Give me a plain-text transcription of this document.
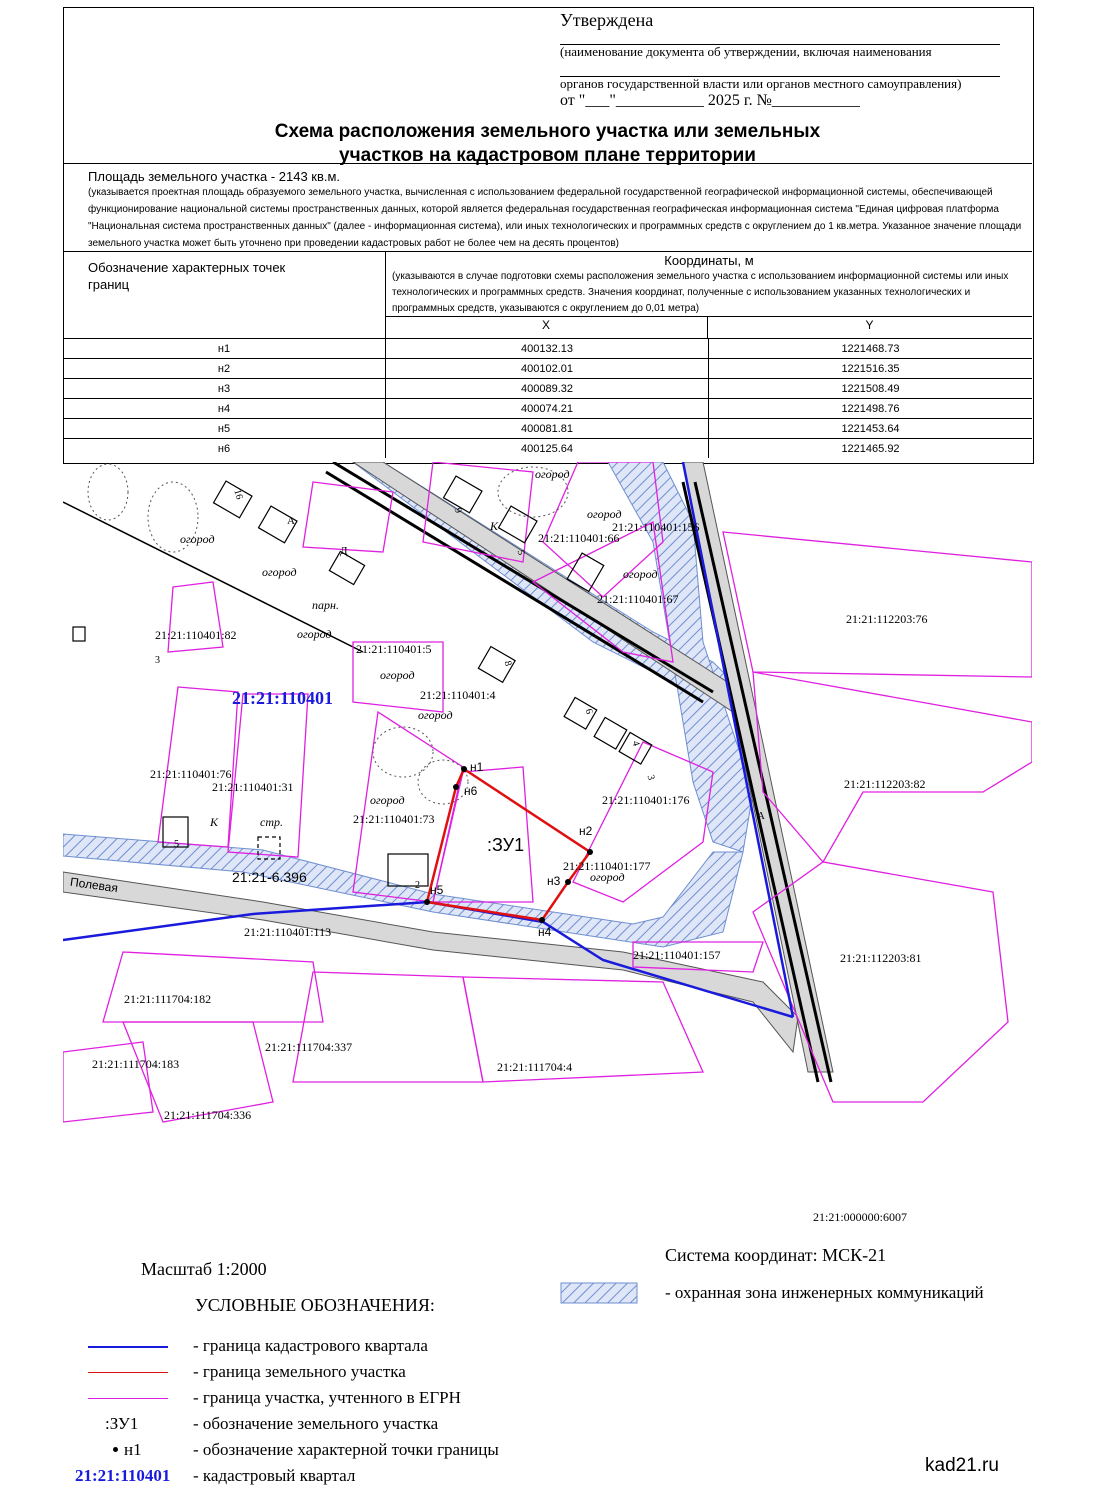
Утверждена
(наименование документа об утверждении, включая наименования
органов государственной власти или органов местного самоуправления)
от "___"___________ 2025 г. №___________
Схема расположения земельного участка или земельных
участков на кадастровом плане территории
Площадь земельного участка - 2143 кв.м.
(указывается проектная площадь образуемого земельного участка, вычисленная с использованием федеральной государственной географической информационной системы, обеспечивающей функционирование национальной системы пространственных данных, которой является федеральная государственная географическая информационная система "Единая цифровая платформа "Национальная система пространственных данных" (далее - информационная система), или иных технологических и программных средств с округлением до 1 кв.метра. Указанное значение площади земельного участка может быть уточнено при проведении кадастровых работ не более чем на десять процентов)
Обозначение характерных точек границ
Координаты, м
(указываются в случае подготовки схемы расположения земельного участка с использованием информационной системы или иных технологических и программных средств. Значения координат, полученные с использованием указанных технологических и программных средств, указываются с округлением до 0,01 метра)
X	Y
н1	400132.13	1221468.73
н2	400102.01	1221516.35
н3	400089.32	1221508.49
н4	400074.21	1221498.76
н5	400081.81	1221453.64
н6	400125.64	1221465.92
н1
н2
н3
н4
н5
н6
:ЗУ1
21:21:110401
Полевая
огород
огород
огород
огород
огород
огород
огород
огород
огород
огород
стр.
парн.
К
К
16
5
9
8
6
4
3
3
5
2
Д
А
A
21:21:110401:156
21:21:110401:66
21:21:110401:67
21:21:112203:76
21:21:110401:82
21:21:110401:5
21:21:110401:4
21:21:110401:76
21:21:110401:31
21:21:110401:73
21:21:110401:176
21:21:110401:177
21:21:112203:82
21:21-6.396
21:21:110401:113
21:21:110401:157	21:21:112203:81
21:21:111704:182
21:21:111704:337
21:21:111704:183	21:21:111704:4
21:21:111704:336
21:21:000000:6007
Масштаб 1:2000
Система координат: МСК-21
УСЛОВНЫЕ ОБОЗНАЧЕНИЯ:
- охранная зона инженерных коммуникаций
- граница кадастрового квартала
- граница земельного участка
- граница участка, учтенного в ЕГРН
:ЗУ1	- обозначение земельного участка
н1	- обозначение характерной точки границы
21:21:110401 - кадастровый квартал	kad21.ru
